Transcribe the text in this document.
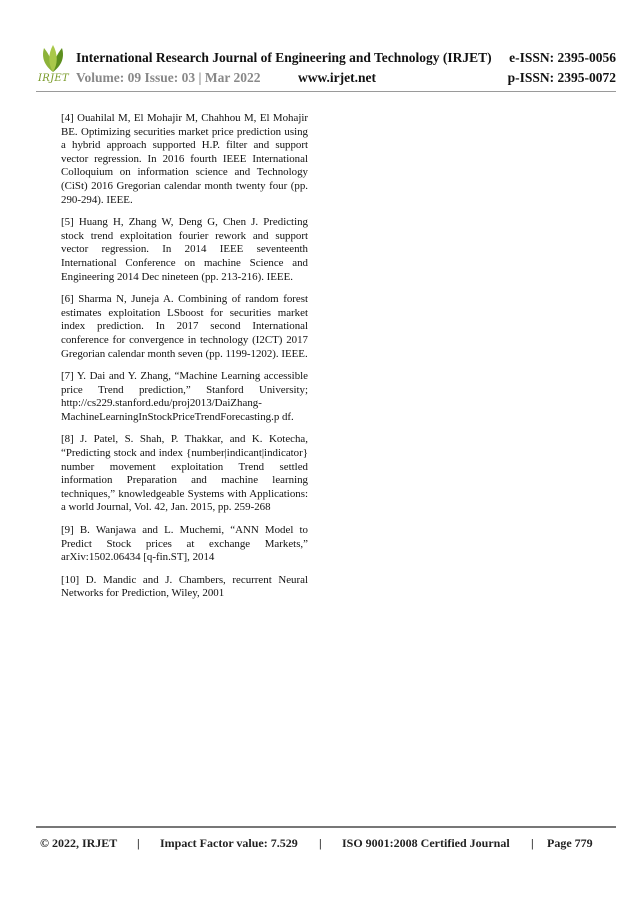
IRJET
International Research Journal of Engineering and Technology (IRJET) e-ISSN: 2395-0056
Volume: 09 Issue: 03 | Mar 2022	www.irjet.net	p-ISSN: 2395-0072

[4] Ouahilal M, El Mohajir M, Chahhou M, El Mohajir BE. Optimizing securities market price prediction using a hybrid approach supported H.P. filter and support vector regression. In 2016 fourth IEEE International Colloquium on information science and Technology (CiSt) 2016 Gregorian calendar month twenty four (pp. 290-294). IEEE.

[5] Huang H, Zhang W, Deng G, Chen J. Predicting stock trend exploitation fourier rework and support vector regression. In 2014 IEEE seventeenth International Conference on machine Science and Engineering 2014 Dec nineteen (pp. 213-216). IEEE.

[6] Sharma N, Juneja A. Combining of random forest estimates exploitation LSboost for securities market index prediction. In 2017 second International conference for convergence in technology (I2CT) 2017 Gregorian calendar month seven (pp. 1199-1202). IEEE.

[7] Y. Dai and Y. Zhang, “Machine Learning accessible price Trend prediction,” Stanford University; http://cs229.stanford.edu/proj2013/DaiZhang-MachineLearningInStockPriceTrendForecasting.p df.

[8] J. Patel, S. Shah, P. Thakkar, and K. Kotecha, “Predicting stock and index {number|indicant|indicator} number movement exploitation Trend settled information Preparation and machine learning techniques,” knowledgeable Systems with Applications: a world Journal, Vol. 42, Jan. 2015, pp. 259-268

[9] B. Wanjawa and L. Muchemi, “ANN Model to Predict Stock prices at exchange Markets,” arXiv:1502.06434 [q-fin.ST], 2014

[10] D. Mandic and J. Chambers, recurrent Neural Networks for Prediction, Wiley, 2001

© 2022, IRJET | Impact Factor value: 7.529 | ISO 9001:2008 Certified Journal | Page 779
